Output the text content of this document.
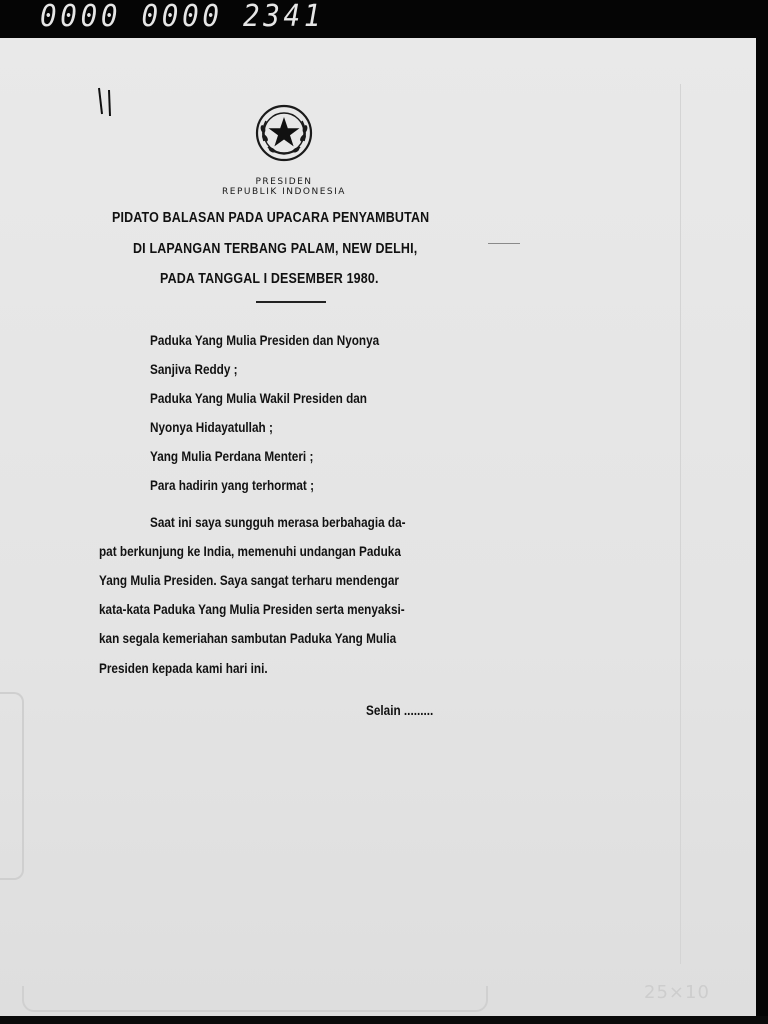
0000 0000 2341
PRESIDEN
REPUBLIK INDONESIA
PIDATO BALASAN PADA UPACARA PENYAMBUTAN
DI LAPANGAN TERBANG PALAM, NEW DELHI,
PADA TANGGAL I DESEMBER 1980.
Paduka Yang Mulia Presiden dan Nyonya
Sanjiva Reddy ;
Paduka Yang Mulia Wakil Presiden dan
Nyonya Hidayatullah ;
Yang Mulia Perdana Menteri ;
Para hadirin yang terhormat ;
Saat ini saya sungguh merasa berbahagia da-
pat berkunjung ke India, memenuhi undangan Paduka
Yang Mulia Presiden. Saya sangat terharu mendengar
kata-kata Paduka Yang Mulia Presiden serta menyaksi-
kan segala kemeriahan sambutan Paduka Yang Mulia
Presiden kepada kami hari ini.
Selain .........
25×10
